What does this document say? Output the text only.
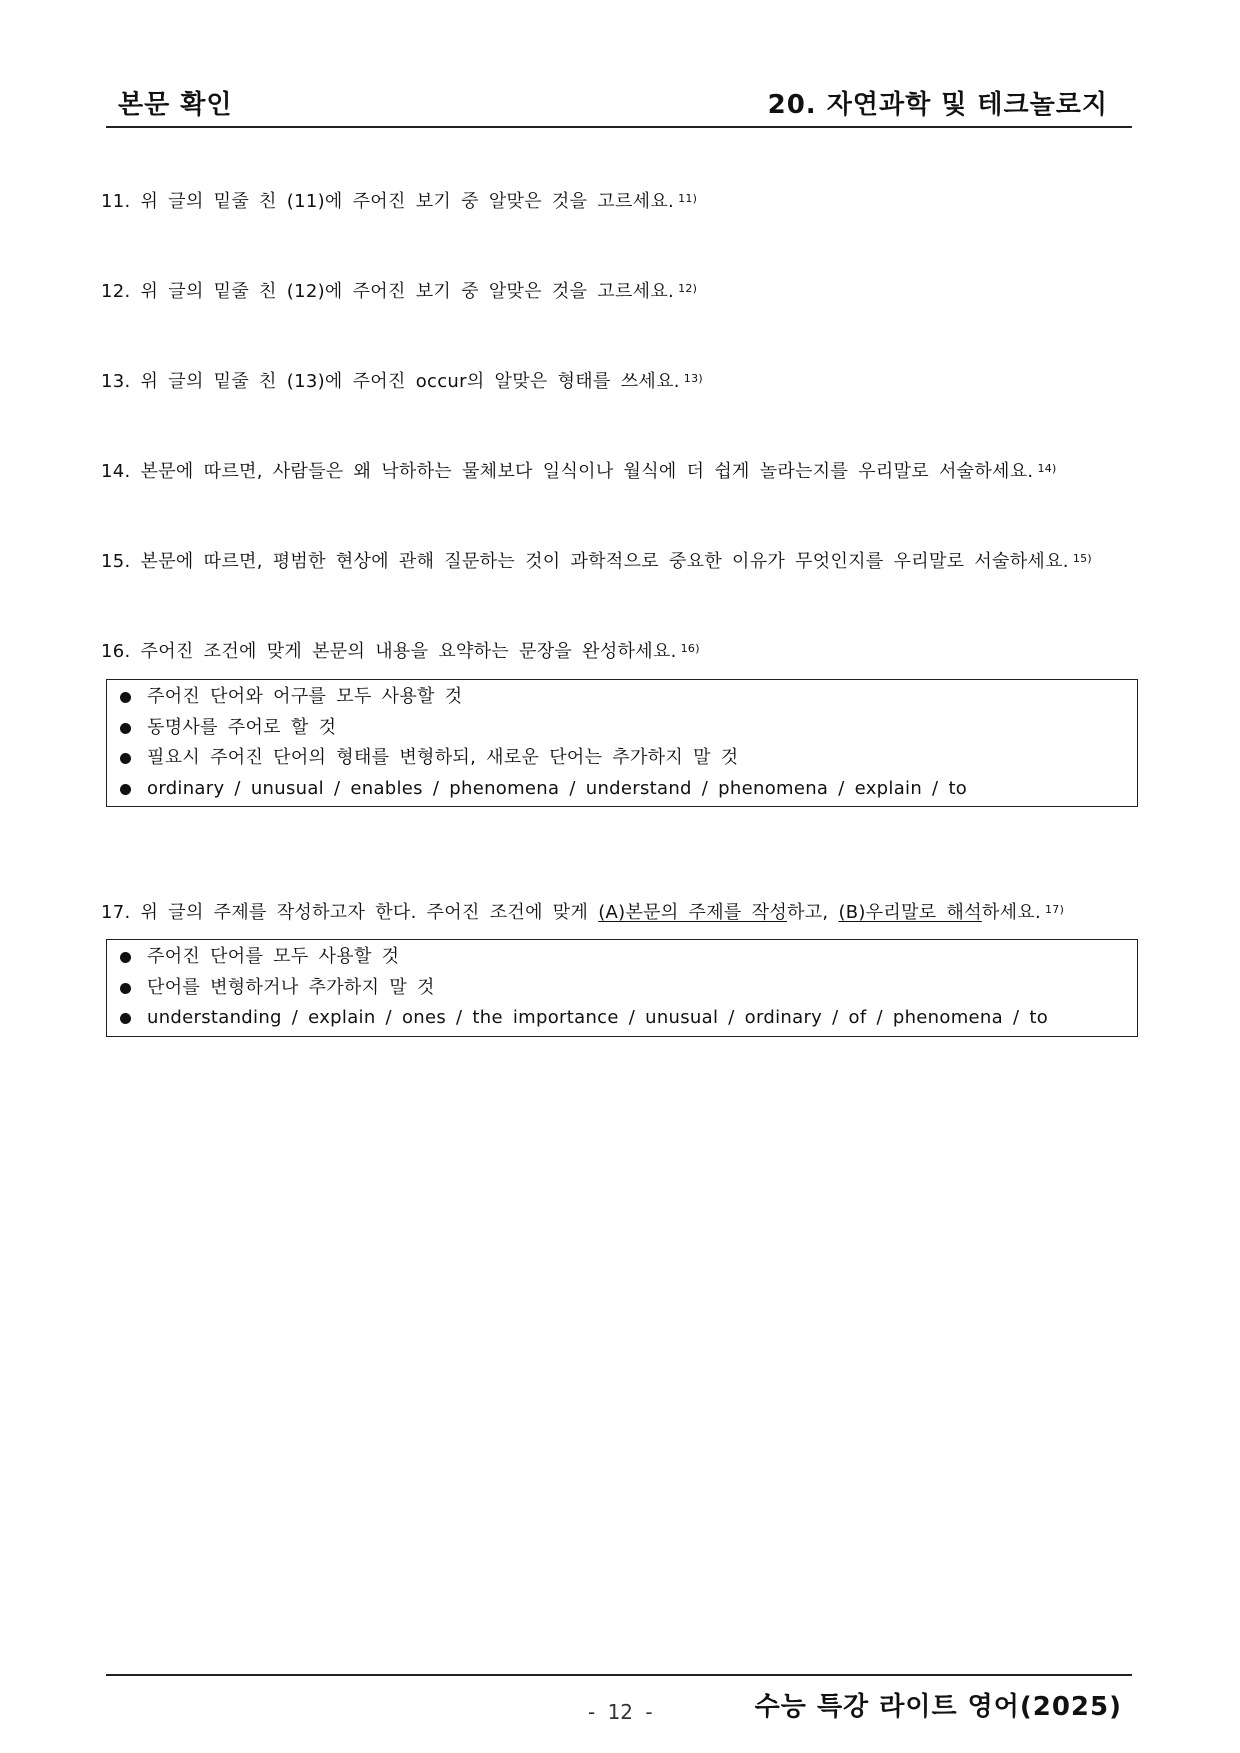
본문 확인	20. 자연과학 및 테크놀로지
11. 위 글의 밑줄 친 (11)에 주어진 보기 중 알맞은 것을 고르세요. $^{11)}$
12. 위 글의 밑줄 친 (12)에 주어진 보기 중 알맞은 것을 고르세요. $^{12)}$
13. 위 글의 밑줄 친 (13)에 주어진 occur의 알맞은 형태를 쓰세요. $^{13)}$
14. 본문에 따르면, 사람들은 왜 낙하하는 물체보다 일식이나 월식에 더 쉽게 놀라는지를 우리말로 서술하세요. $^{14)}$
15. 본문에 따르면, 평범한 현상에 관해 질문하는 것이 과학적으로 중요한 이유가 무엇인지를 우리말로 서술하세요. $^{15)}$
16. 주어진 조건에 맞게 본문의 내용을 요약하는 문장을 완성하세요. $^{16)}$
주어진 단어와 어구를 모두 사용할 것
동명사를 주어로 할 것
필요시 주어진 단어의 형태를 변형하되, 새로운 단어는 추가하지 말 것
ordinary / unusual / enables / phenomena / understand / phenomena / explain / to
17. 위 글의 주제를 작성하고자 한다. 주어진 조건에 맞게 (A)본문의 주제를 작성하고, (B)우리말로 해석하세요. $^{17)}$
주어진 단어를 모두 사용할 것
단어를 변형하거나 추가하지 말 것
understanding / explain / ones / the importance / unusual / ordinary / of / phenomena / to
- 12 -	수능 특강 라이트 영어(2025)
